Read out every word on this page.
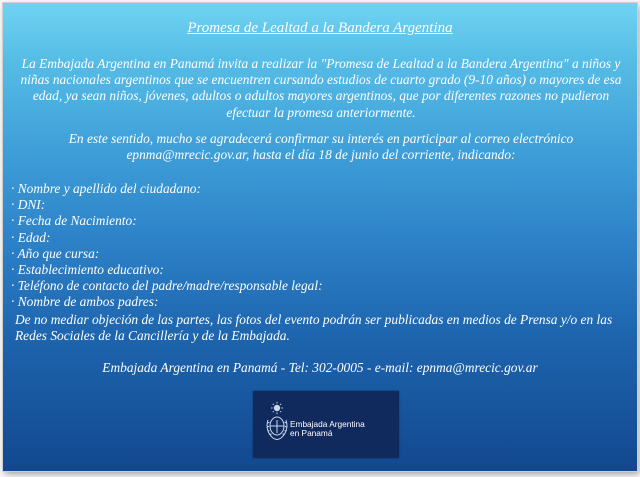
Promesa de Lealtad a la Bandera Argentina
La Embajada Argentina en Panamá invita a realizar la "Promesa de Lealtad a la Bandera Argentina" a niños y
niñas nacionales argentinos que se encuentren cursando estudios de cuarto grado (9-10 años) o mayores de esa
edad, ya sean niños, jóvenes, adultos o adultos mayores argentinos, que por diferentes razones no pudieron
efectuar la promesa anteriormente.
En este sentido, mucho se agradecerá confirmar su interés en participar al correo electrónico
epnma@mrecic.gov.ar, hasta el día 18 de junio del corriente, indicando:
· Nombre y apellido del ciudadano:
· DNI:
· Fecha de Nacimiento:
· Edad:
· Año que cursa:
· Establecimiento educativo:
· Teléfono de contacto del padre/madre/responsable legal:
· Nombre de ambos padres:
De no mediar objeción de las partes, las fotos del evento podrán ser publicadas en medios de Prensa y/o en las
Redes Sociales de la Cancillería y de la Embajada.
Embajada Argentina en Panamá - Tel: 302-0005 - e-mail: epnma@mrecic.gov.ar
Embajada Argentina
en Panamá
